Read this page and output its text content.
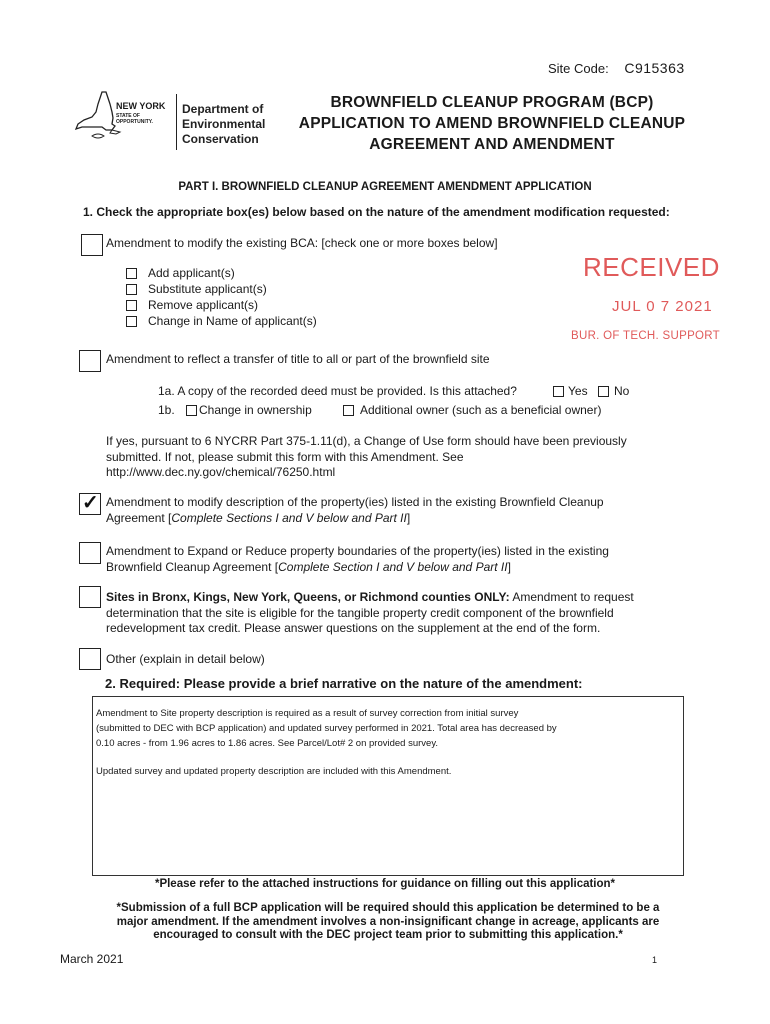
Site Code: C915363
NEW YORK
STATE OF
OPPORTUNITY.
Department of
Environmental
Conservation
BROWNFIELD CLEANUP PROGRAM (BCP)
APPLICATION TO AMEND BROWNFIELD CLEANUP
AGREEMENT AND AMENDMENT
PART I. BROWNFIELD CLEANUP AGREEMENT AMENDMENT APPLICATION
1. Check the appropriate box(es) below based on the nature of the amendment modification requested:
Amendment to modify the existing BCA: [check one or more boxes below]
Add applicant(s)
Substitute applicant(s)
Remove applicant(s)
Change in Name of applicant(s)
RECEIVED
JUL 0 7 2021
BUR. OF TECH. SUPPORT
Amendment to reflect a transfer of title to all or part of the brownfield site
1a. A copy of the recorded deed must be provided. Is this attached?	Yes No
1b. Change in ownership	Additional owner (such as a beneficial owner)
If yes, pursuant to 6 NYCRR Part 375-1.11(d), a Change of Use form should have been previously
submitted. If not, please submit this form with this Amendment. See
http://www.dec.ny.gov/chemical/76250.html
✓ Amendment to modify description of the property(ies) listed in the existing Brownfield Cleanup
Agreement [Complete Sections I and V below and Part II]
Amendment to Expand or Reduce property boundaries of the property(ies) listed in the existing
Brownfield Cleanup Agreement [Complete Section I and V below and Part II]
Sites in Bronx, Kings, New York, Queens, or Richmond counties ONLY: Amendment to request
determination that the site is eligible for the tangible property credit component of the brownfield
redevelopment tax credit. Please answer questions on the supplement at the end of the form.
Other (explain in detail below)
2. Required: Please provide a brief narrative on the nature of the amendment:
Amendment to Site property description is required as a result of survey correction from initial survey
(submitted to DEC with BCP application) and updated survey performed in 2021. Total area has decreased by
0.10 acres - from 1.96 acres to 1.86 acres. See Parcel/Lot# 2 on provided survey.
Updated survey and updated property description are included with this Amendment.
*Please refer to the attached instructions for guidance on filling out this application*
*Submission of a full BCP application will be required should this application be determined to be a
major amendment. If the amendment involves a non-insignificant change in acreage, applicants are
encouraged to consult with the DEC project team prior to submitting this application.*
March 2021	1
